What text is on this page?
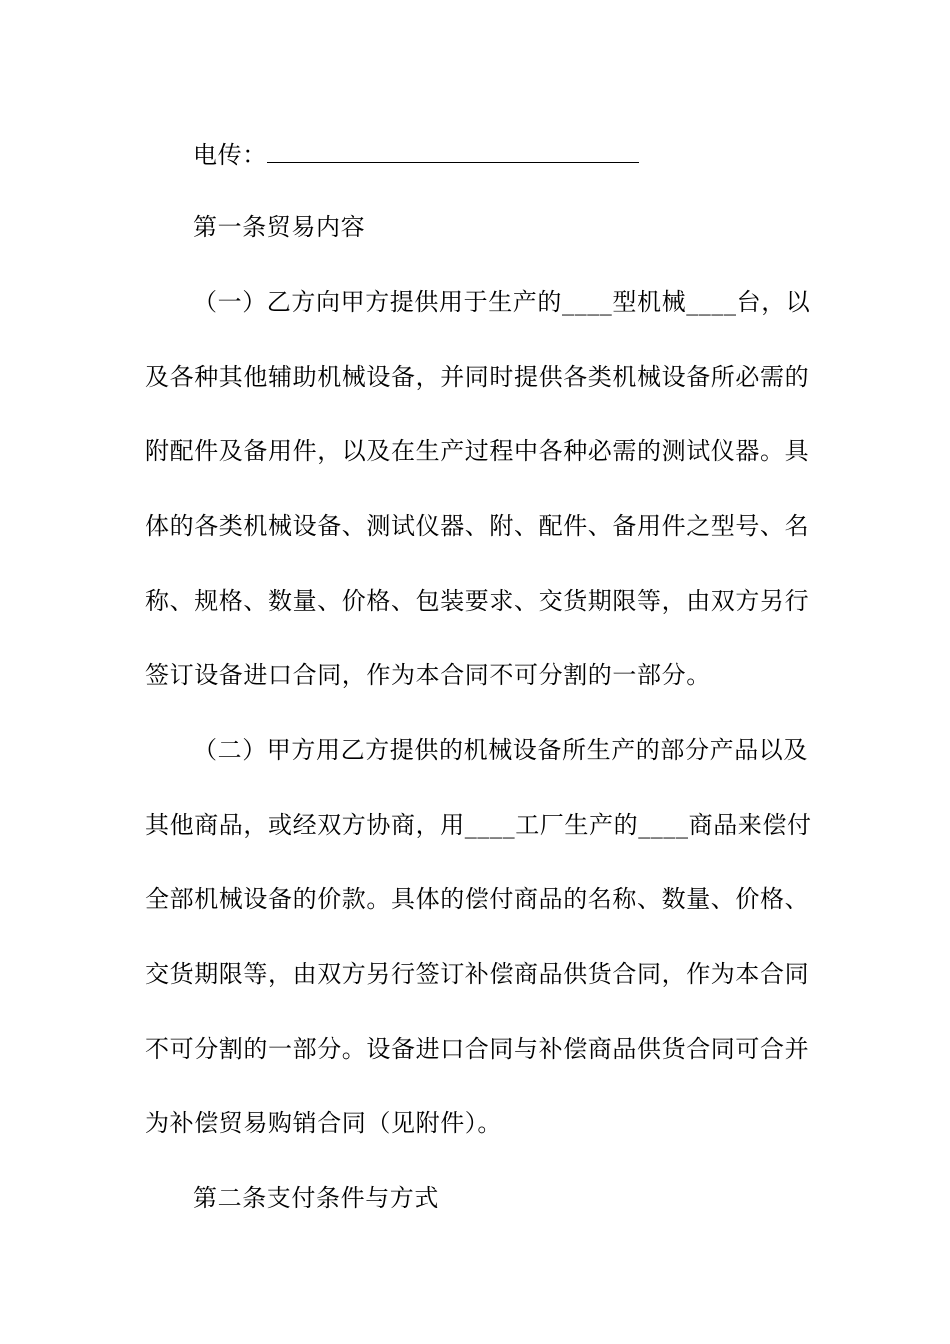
电传：
第一条贸易内容
（一）乙方向甲方提供用于生产的____型机械____台，以
及各种其他辅助机械设备，并同时提供各类机械设备所必需的
附配件及备用件，以及在生产过程中各种必需的测试仪器。具
体的各类机械设备、测试仪器、附、配件、备用件之型号、名
称、规格、数量、价格、包装要求、交货期限等，由双方另行
签订设备进口合同，作为本合同不可分割的一部分。
（二）甲方用乙方提供的机械设备所生产的部分产品以及
其他商品，或经双方协商，用____工厂生产的____商品来偿付
全部机械设备的价款。具体的偿付商品的名称、数量、价格、
交货期限等，由双方另行签订补偿商品供货合同，作为本合同
不可分割的一部分。设备进口合同与补偿商品供货合同可合并
为补偿贸易购销合同（见附件）。
第二条支付条件与方式
